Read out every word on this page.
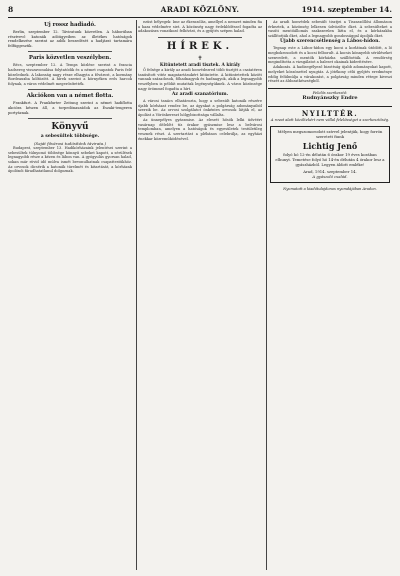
8	ARADI KÖZLÖNY.	1914. szeptember 14.
Uj rossz hadiadó.

Berlin, szeptember 12. Táviratunk közvetlen. A háborúban résztvevő katonák adóügyeiben az illetékes hatóságok rendelkezése szerint az adók beszedését a hadjárat tartamára felfüggesztik.

Paris közvetlen veszélyben.

Bécs, szeptember 12. A Temps közlése szerint a francia hadsereg visszavonulása folytatódik és a német csapatok Paris felé közelednek. A lakosság nagy része elhagyta a fővárost, a kormány Bordeauxba költözött. A hírek szerint a környéken erős harcok folynak, a város védelmét megerősítették.

Akciókon van a német flotta.

Frankfurt. A Frankfurter Zeitung szerint a német hadiflotta akcióra készen áll, a torpedónaszádok az Északi-tengeren portyáznak.

Könyvű
a sebesültek többsége.
(Saját fővárosi tudósítónk távirata.)

Budapest, szeptember 13. Hadikórházaink jelentései szerint a sebesültek túlnyomó többsége könnyű sebeket kapott, a sérülések legnagyobb része a kézen és lábon van. A gyógyulás gyorsan halad, sokan már rövid idő múlva ismét bevonulhatnak csapattestükhöz. Az orvosok dicsérik a katonák türelmét és kitartását, a kórházak ápolónői fáradhatatlanul dolgoznak.

ezüst bélyegek: Íme az ékesszólás, amellyel a nemzet minden fia a haza védelmére siet. A közönség nagy érdeklődéssel fogadta az adakozásra vonatkozó felhívást, és a gyűjtés szépen halad.

HÍREK.
✝
Kitüntetett aradi tisztek. A király

Ő felsége a király az aradi honvédezred több tisztjét a csatatéren tanúsított vitéz magatartásukért kitüntette. A kitüntetettek között vannak századosok, főhadnagyok és hadnagyok, akik a legnagyobb veszélyben is példát mutattak legénységüknek. A város közönsége nagy örömmel fogadta a hírt.

Az aradi szanatórium.

A városi tanács elhatározta, hogy a sebesült katonák részére újabb kórházat rendez be, az ágyakat a polgárság adományaiból szerzik be. Az orvosi szolgálatot önkéntes orvosok látják el, az ápolást a Vöröskereszt hölgybizottsága vállalta.

Az ünnepélyes gyászmise. Az elesett hősök lelki üdvéért vasárnap délelőtt tíz órakor gyászmise lesz a belvárosi templomban, amelyen a hatóságok és egyesületek testületileg vesznek részt. A szertartást a plébános celebrálja, az egyházi énekkar közreműködésével.

Az aradi honvédek sebesült tisztjei a Tiszaszőllősi állomáson érkeztek, a közönség lelkesen üdvözölte őket. A sebesülteket a vasúti mentőállomás szakszerűen látta el, és a kórházakba szállították őket, ahol a legnagyobb gondossággal ápolják őket.

Újabb szerencsétlenség a Lábos-hídon.

Tegnap este a Lábos-hídon egy kocsi a korlátnak ütődött, a ló megbokrosodott és a kocsi felborult. A kocsis könnyebb sérüléseket szenvedett, a mentők kórházba szállították. A rendőrség megindította a vizsgálatot a baleset okainak kiderítésére.

Adakozás. A hadisegélyező bizottság újabb adományokat kapott, melyeket köszönettel nyugtáz. A jótékony célú gyűjtés eredménye eddig felülmúlja a várakozást, a polgárság minden rétege kiveszi részét az áldozatkészségből.

Felelős szerkesztő:
Rudnyánszky Endre
NYILTTÉR.
A rovat alatt közöltekért nem vállal felelősséget a szerkesztőség.
Mélyen megszomorodott szívvel jelentjük, hogy forrón szeretett fiunk
Lichtig Jenő
folyó hó 12-én délután 6 órakor 19 éves korában elhunyt. Temetése folyó hó 14-én délután 4 órakor lesz a gyászházból. Legyen áldott emléke!
Arad, 1914. szeptember 14.
A gyászoló család.
Nyomatott a kiadótulajdonos nyomdájában Aradon.
